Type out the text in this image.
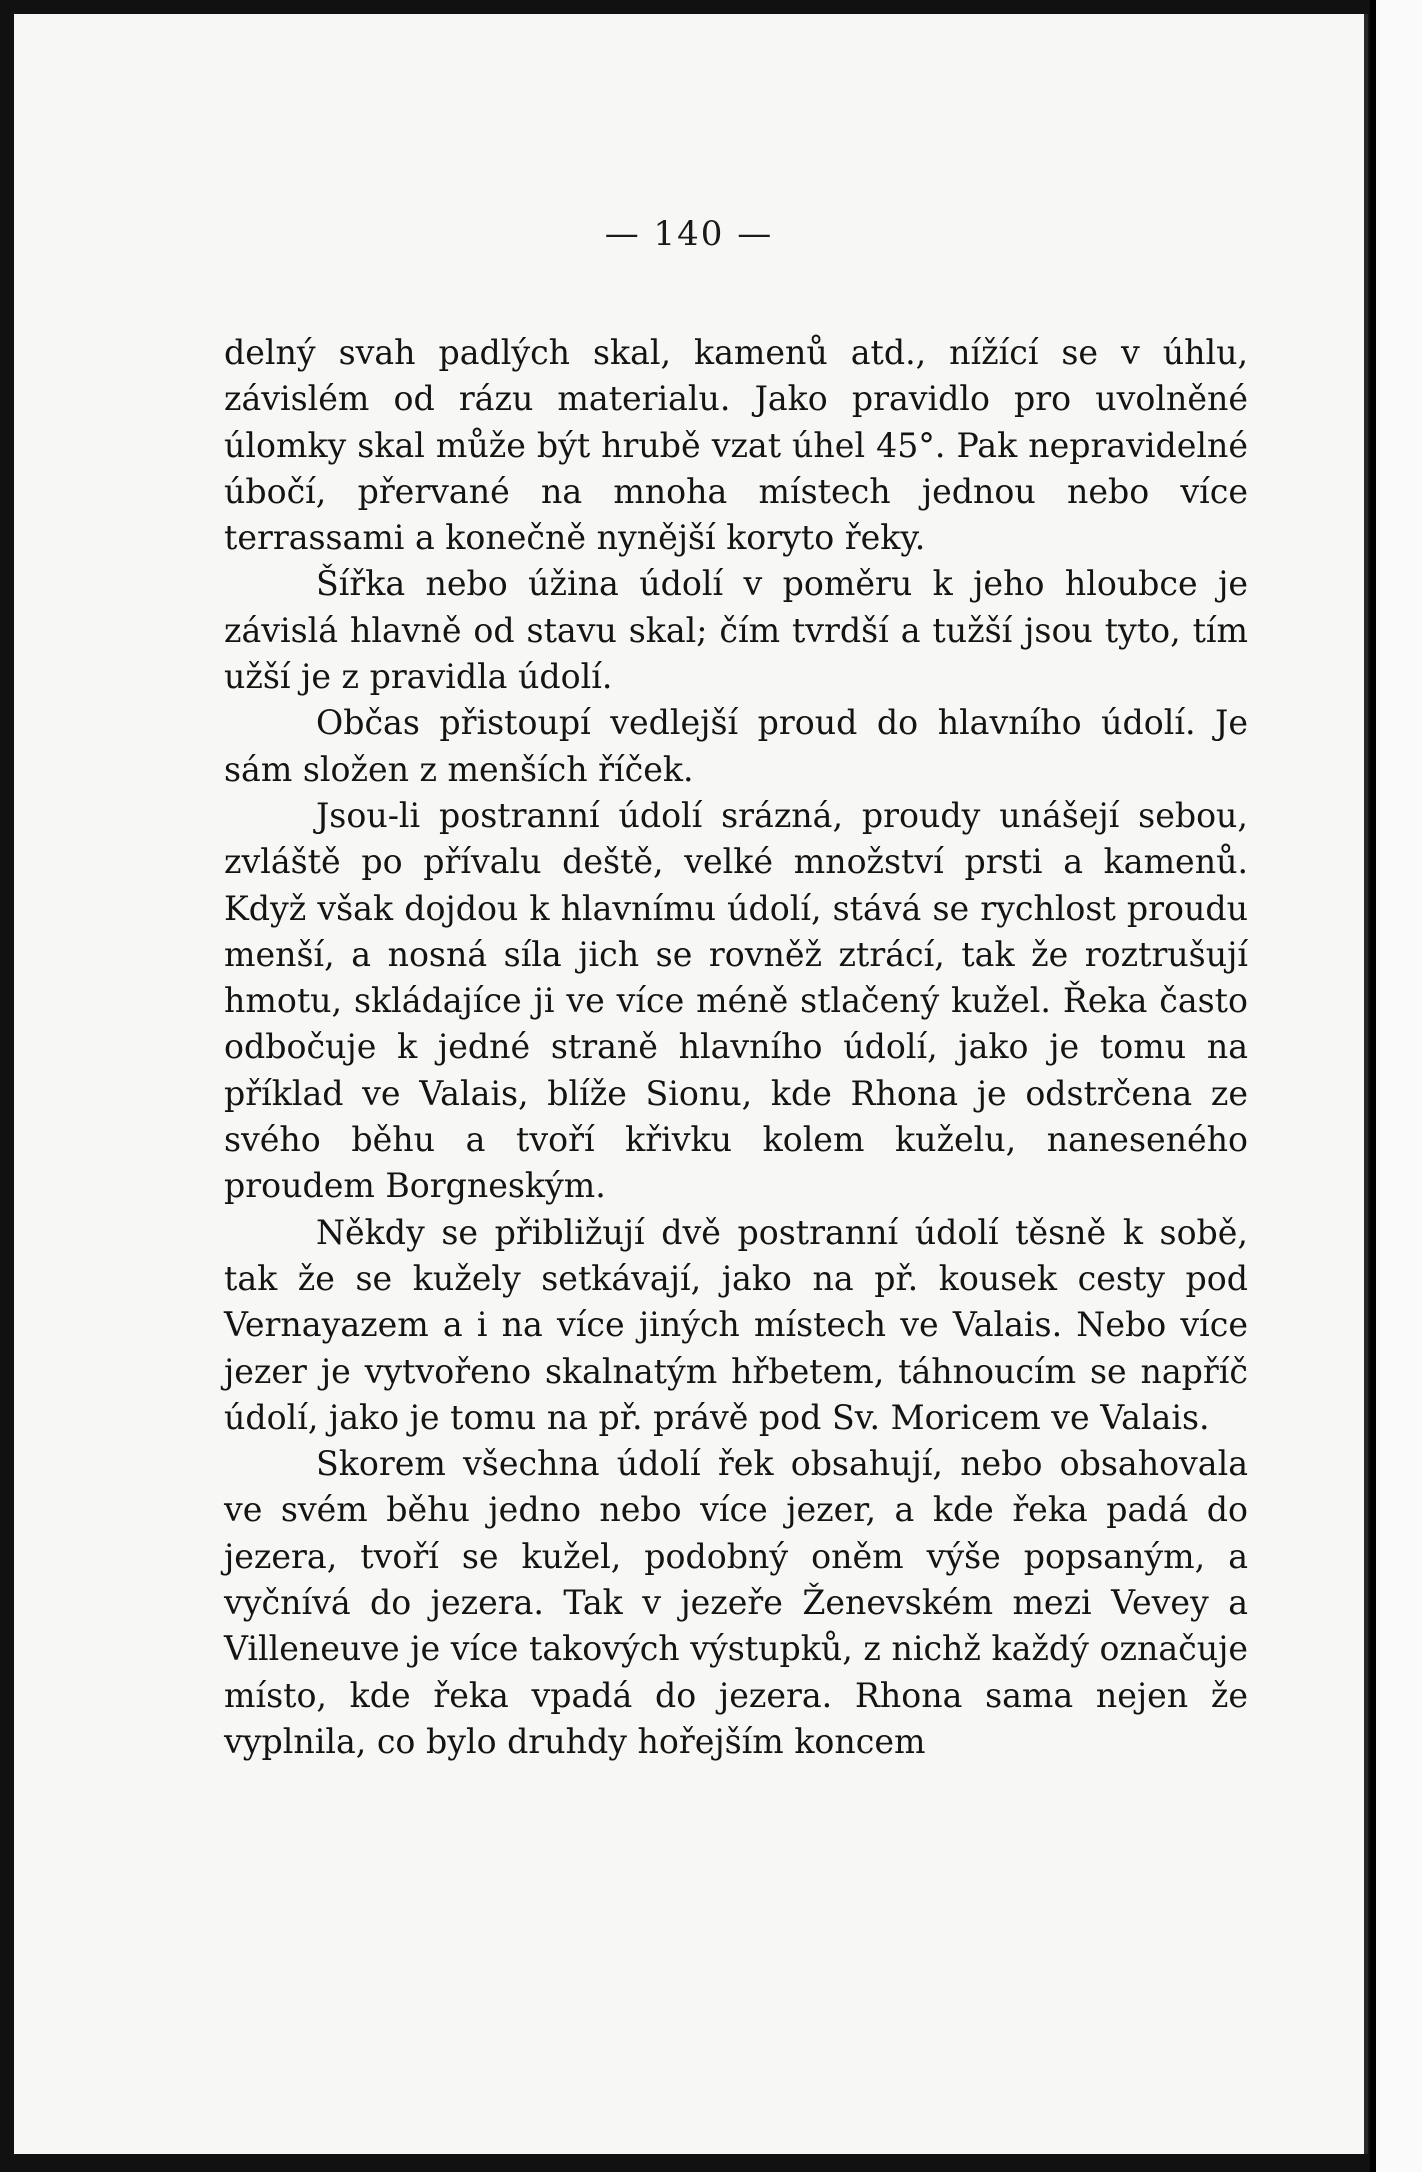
— 140 —

delný svah padlých skal, kamenů atd., nížící se v úhlu, závislém od rázu materialu. Jako pravidlo pro uvolněné úlomky skal může být hrubě vzat úhel 45°. Pak nepravidelné úbočí, přervané na mnoha místech jednou nebo více terrassami a konečně nynější koryto řeky.

Šířka nebo úžina údolí v poměru k jeho hloubce je závislá hlavně od stavu skal; čím tvrdší a tužší jsou tyto, tím užší je z pravidla údolí.

Občas přistoupí vedlejší proud do hlavního údolí. Je sám složen z menších říček.

Jsou-li postranní údolí srázná, proudy unášejí sebou, zvláště po přívalu deště, velké množství prsti a kamenů. Když však dojdou k hlavnímu údolí, stává se rychlost proudu menší, a nosná síla jich se rovněž ztrácí, tak že roztrušují hmotu, skládajíce ji ve více méně stlačený kužel. Řeka často odbočuje k jedné straně hlavního údolí, jako je tomu na příklad ve Valais, blíže Sionu, kde Rhona je odstrčena ze svého běhu a tvoří křivku kolem kuželu, naneseného proudem Borgneským.

Někdy se přibližují dvě postranní údolí těsně k sobě, tak že se kužely setkávají, jako na př. kousek cesty pod Vernayazem a i na více jiných místech ve Valais. Nebo více jezer je vytvořeno skalnatým hřbetem, táhnoucím se napříč údolí, jako je tomu na př. právě pod Sv. Moricem ve Valais.

Skorem všechna údolí řek obsahují, nebo obsahovala ve svém běhu jedno nebo více jezer, a kde řeka padá do jezera, tvoří se kužel, podobný oněm výše popsaným, a vyčnívá do jezera. Tak v jezeře Ženevském mezi Vevey a Villeneuve je více takových výstupků, z nichž každý označuje místo, kde řeka vpadá do jezera. Rhona sama nejen že vyplnila, co bylo druhdy hořejším koncem
